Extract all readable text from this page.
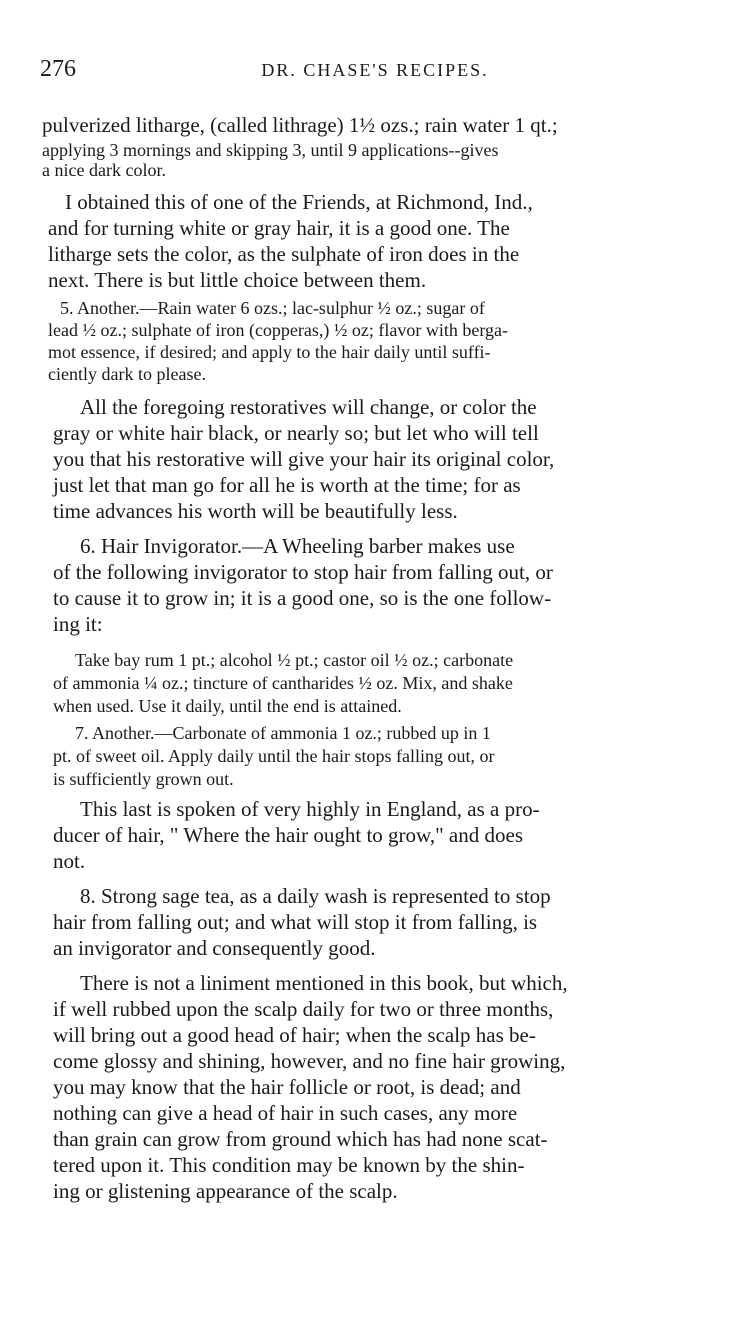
276	DR. CHASE'S RECIPES.
pulverized litharge, (called lithrage) 1½ ozs.; rain water 1 qt.;
applying 3 mornings and skipping 3, until 9 applications--gives
a nice dark color.
I obtained this of one of the Friends, at Richmond, Ind.,
and for turning white or gray hair, it is a good one. The
litharge sets the color, as the sulphate of iron does in the
next. There is but little choice between them.
5. Another.—Rain water 6 ozs.; lac-sulphur ½ oz.; sugar of
lead ½ oz.; sulphate of iron (copperas,) ½ oz; flavor with berga-
mot essence, if desired; and apply to the hair daily until suffi-
ciently dark to please.
All the foregoing restoratives will change, or color the
gray or white hair black, or nearly so; but let who will tell
you that his restorative will give your hair its original color,
just let that man go for all he is worth at the time; for as
time advances his worth will be beautifully less.
6. Hair Invigorator.—A Wheeling barber makes use
of the following invigorator to stop hair from falling out, or
to cause it to grow in; it is a good one, so is the one follow-
ing it:
Take bay rum 1 pt.; alcohol ½ pt.; castor oil ½ oz.; carbonate
of ammonia ¼ oz.; tincture of cantharides ½ oz. Mix, and shake
when used. Use it daily, until the end is attained.
7. Another.—Carbonate of ammonia 1 oz.; rubbed up in 1
pt. of sweet oil. Apply daily until the hair stops falling out, or
is sufficiently grown out.
This last is spoken of very highly in England, as a pro-
ducer of hair, " Where the hair ought to grow," and does
not.
8. Strong sage tea, as a daily wash is represented to stop
hair from falling out; and what will stop it from falling, is
an invigorator and consequently good.
There is not a liniment mentioned in this book, but which,
if well rubbed upon the scalp daily for two or three months,
will bring out a good head of hair; when the scalp has be-
come glossy and shining, however, and no fine hair growing,
you may know that the hair follicle or root, is dead; and
nothing can give a head of hair in such cases, any more
than grain can grow from ground which has had none scat-
tered upon it. This condition may be known by the shin-
ing or glistening appearance of the scalp.
